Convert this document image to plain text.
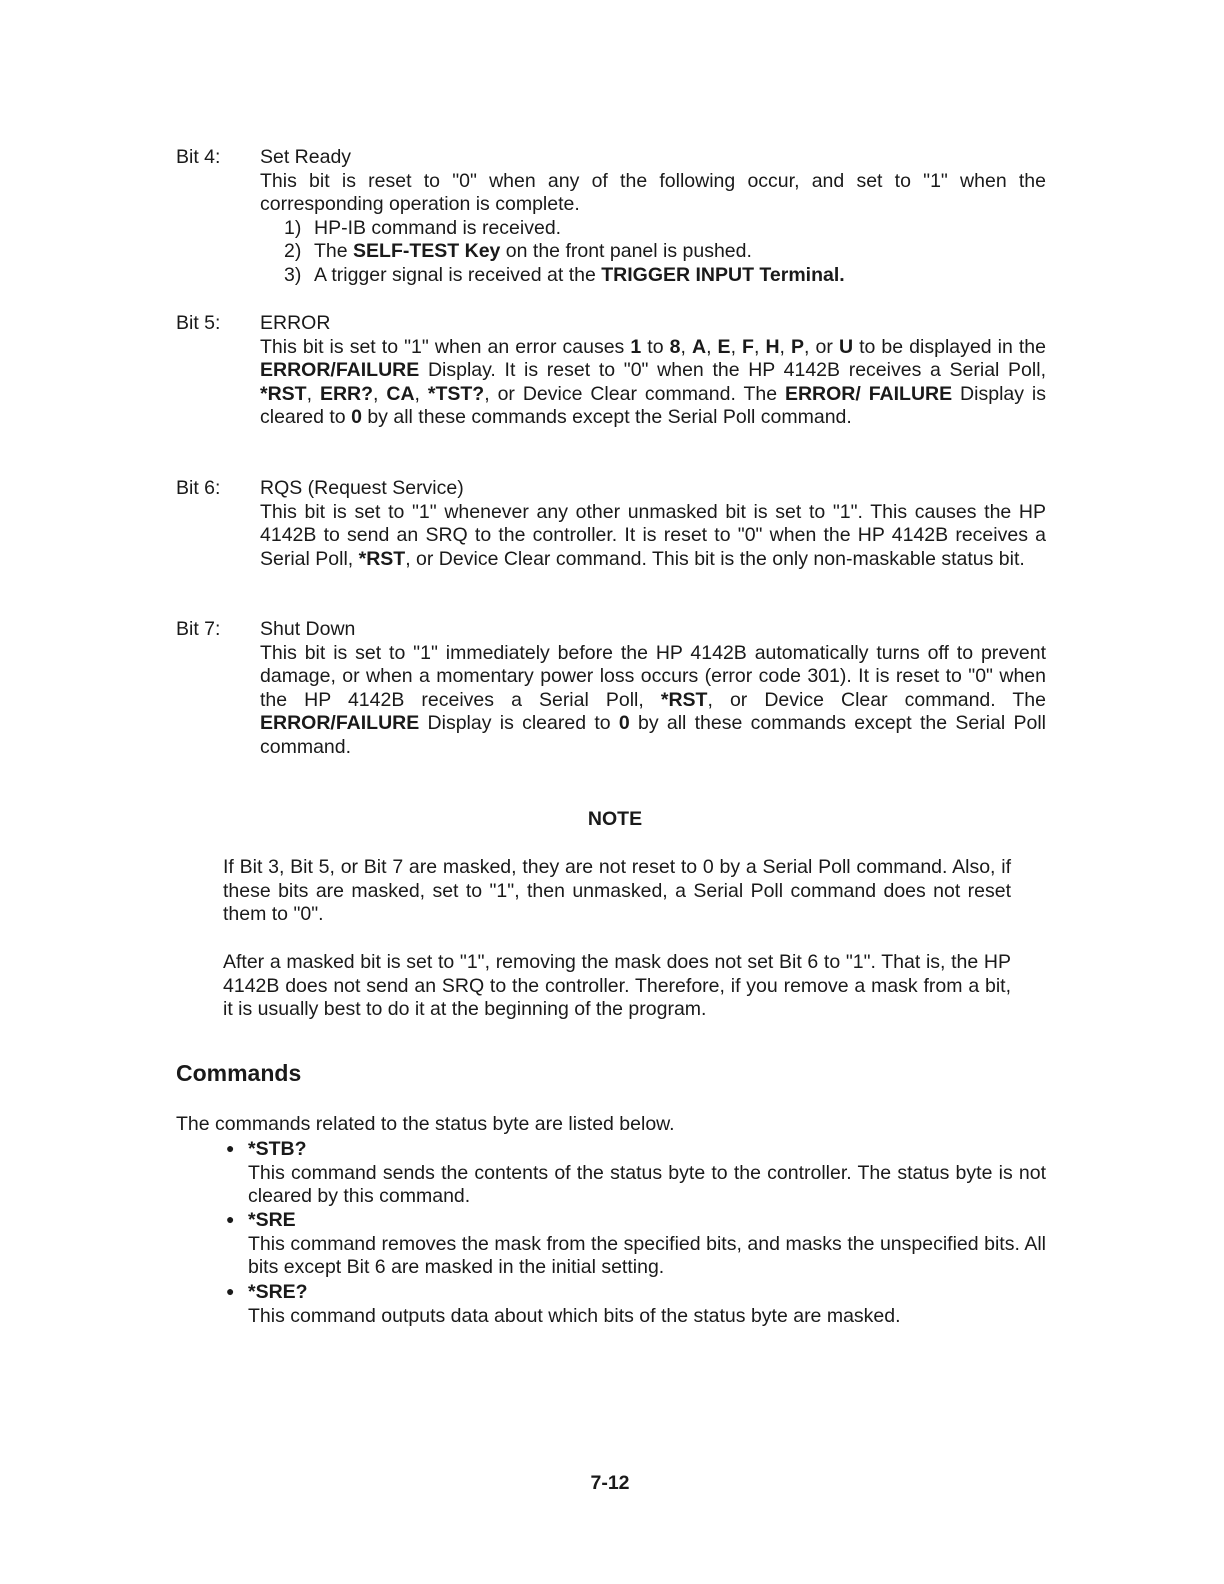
Bit 4:	Set Ready
This bit is reset to "0" when any of the following occur, and set to "1" when the corresponding operation is complete.
1) HP-IB command is received.
2) The SELF-TEST Key on the front panel is pushed.
3) A trigger signal is received at the TRIGGER INPUT Terminal.
Bit 5:	ERROR
This bit is set to "1" when an error causes 1 to 8, A, E, F, H, P, or U to be displayed in the ERROR/FAILURE Display. It is reset to "0" when the HP 4142B receives a Serial Poll, *RST, ERR?, CA, *TST?, or Device Clear command. The ERROR/ FAILURE Display is cleared to 0 by all these commands except the Serial Poll command.
Bit 6:	RQS (Request Service)
This bit is set to "1" whenever any other unmasked bit is set to "1". This causes the HP 4142B to send an SRQ to the controller. It is reset to "0" when the HP 4142B receives a Serial Poll, *RST, or Device Clear command. This bit is the only non-maskable status bit.
Bit 7:	Shut Down
This bit is set to "1" immediately before the HP 4142B automatically turns off to prevent damage, or when a momentary power loss occurs (error code 301). It is reset to "0" when the HP 4142B receives a Serial Poll, *RST, or Device Clear command. The ERROR/FAILURE Display is cleared to 0 by all these commands except the Serial Poll command.
NOTE
If Bit 3, Bit 5, or Bit 7 are masked, they are not reset to 0 by a Serial Poll command. Also, if these bits are masked, set to "1", then unmasked, a Serial Poll command does not reset them to "0".
After a masked bit is set to "1", removing the mask does not set Bit 6 to "1". That is, the HP 4142B does not send an SRQ to the controller. Therefore, if you remove a mask from a bit, it is usually best to do it at the beginning of the program.
Commands
The commands related to the status byte are listed below.
● *STB?
This command sends the contents of the status byte to the controller. The status byte is not cleared by this command.
● *SRE
This command removes the mask from the specified bits, and masks the unspecified bits. All bits except Bit 6 are masked in the initial setting.
● *SRE?
This command outputs data about which bits of the status byte are masked.
7-12
